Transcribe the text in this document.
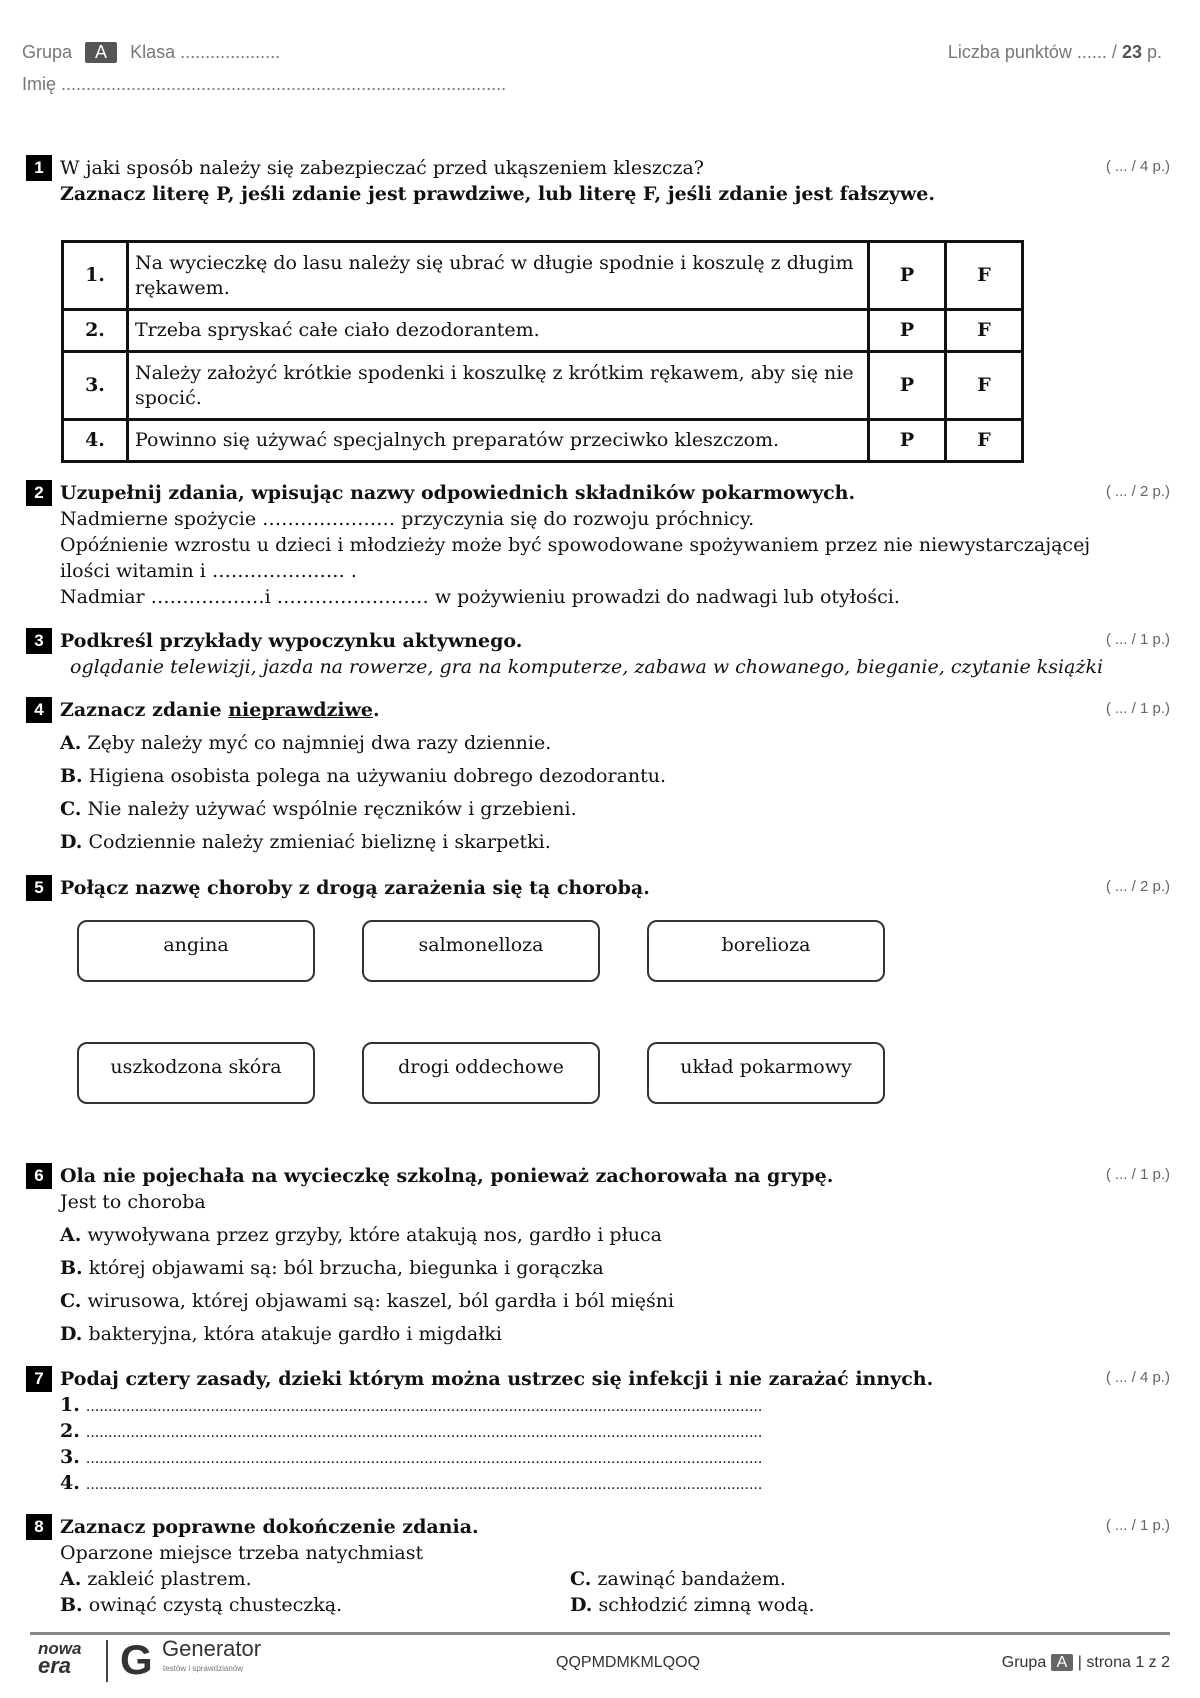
Grupa A Klasa ....................
Imię .........................................................................................
Liczba punktów ...... / 23 p.
1 W jaki sposób należy się zabezpieczać przed ukąszeniem kleszcza?
Zaznacz literę P, jeśli zdanie jest prawdziwe, lub literę F, jeśli zdanie jest fałszywe.
( ... / 4 p.)
1.	Na wycieczkę do lasu należy się ubrać w długie spodnie i koszulę z długim rękawem.	P	F
2.	Trzeba spryskać całe ciało dezodorantem.	P	F
3.	Należy założyć krótkie spodenki i koszulkę z krótkim rękawem, aby się nie spocić.	P	F
4.	Powinno się używać specjalnych preparatów przeciwko kleszczom.	P	F
2 Uzupełnij zdania, wpisując nazwy odpowiednich składników pokarmowych.	( ... / 2 p.)
Nadmierne spożycie ………………… przyczynia się do rozwoju próchnicy.
Opóźnienie wzrostu u dzieci i młodzieży może być spowodowane spożywaniem przez nie niewystarczającej
ilości witamin i ………………… .
Nadmiar ………………i …………………… w pożywieniu prowadzi do nadwagi lub otyłości.
3 Podkreśl przykłady wypoczynku aktywnego.	( ... / 1 p.)
oglądanie telewizji, jazda na rowerze, gra na komputerze, zabawa w chowanego, bieganie, czytanie książki
4 Zaznacz zdanie nieprawdziwe.	( ... / 1 p.)
A. Zęby należy myć co najmniej dwa razy dziennie.
B. Higiena osobista polega na używaniu dobrego dezodorantu.
C. Nie należy używać wspólnie ręczników i grzebieni.
D. Codziennie należy zmieniać bieliznę i skarpetki.
5 Połącz nazwę choroby z drogą zarażenia się tą chorobą.	( ... / 2 p.)
angina	salmonelloza	borelioza
uszkodzona skóra	drogi oddechowe	układ pokarmowy
6 Ola nie pojechała na wycieczkę szkolną, ponieważ zachorowała na grypę.	( ... / 1 p.)
Jest to choroba
A. wywoływana przez grzyby, które atakują nos, gardło i płuca
B. której objawami są: ból brzucha, biegunka i gorączka
C. wirusowa, której objawami są: kaszel, ból gardła i ból mięśni
D. bakteryjna, która atakuje gardło i migdałki
7 Podaj cztery zasady, dzieki którym można ustrzec się infekcji i nie zarażać innych.	( ... / 4 p.)
1. ........................................................................................................................................................
2. ........................................................................................................................................................
3. ........................................................................................................................................................
4. ........................................................................................................................................................
8 Zaznacz poprawne dokończenie zdania.	( ... / 1 p.)
Oparzone miejsce trzeba natychmiast
A. zakleić plastrem.
B. owinąć czystą chusteczką.
C. zawinąć bandażem.
D. schłodzić zimną wodą.
nowa
era	G Generator
testów i sprawdzianów	QQPMDMKMLQOQ	Grupa A | strona 1 z 2
